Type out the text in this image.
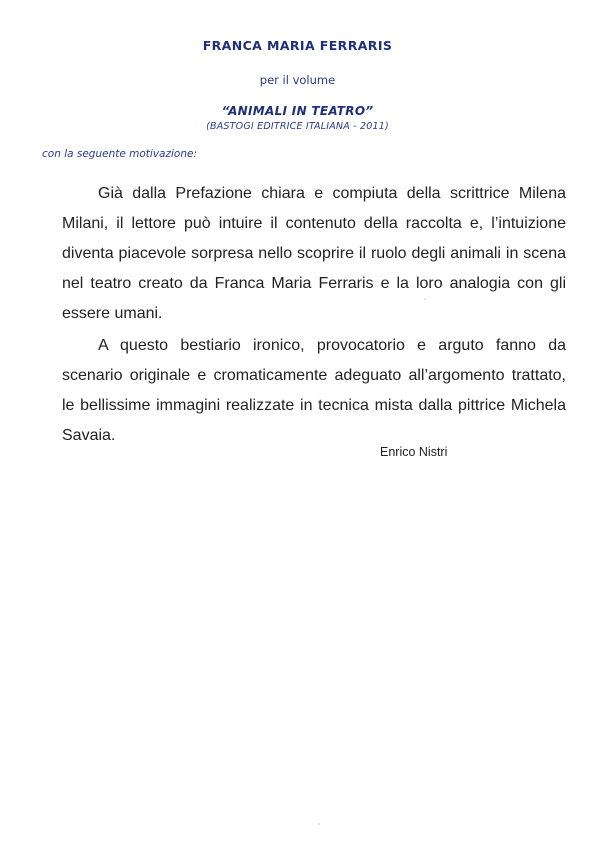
FRANCA MARIA FERRARIS
per il volume
“ANIMALI IN TEATRO”
(BASTOGI EDITRICE ITALIANA - 2011)
con la seguente motivazione:

Già dalla Prefazione chiara e compiuta della scrittrice Milena Milani, il lettore può intuire il contenuto della raccolta e, l’intuizione diventa piacevole sorpresa nello scoprire il ruolo degli animali in scena nel teatro creato da Franca Maria Ferraris e la loro analogia con gli essere umani.

A questo bestiario ironico, provocatorio e arguto fanno da scenario originale e cromaticamente adeguato all’argomento trattato, le bellissime immagini realizzate in tecnica mista dalla pittrice Michela Savaia.

Enrico Nistri
